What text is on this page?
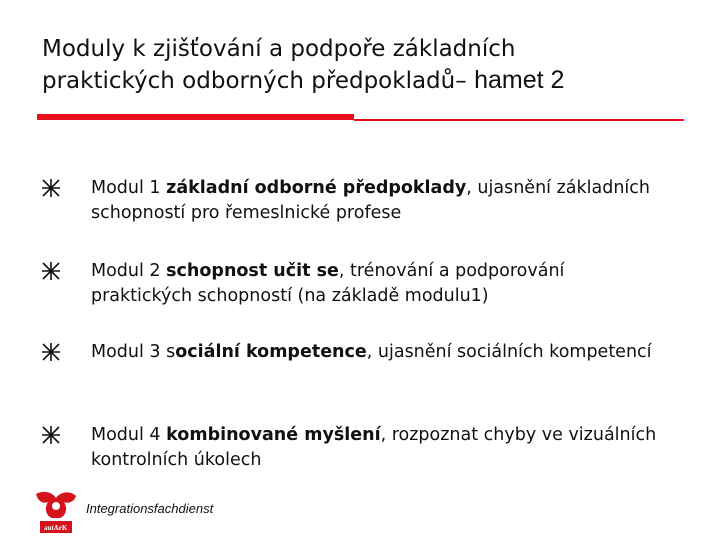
Moduly k zjišťování a podpoře základních
praktických odborných předpokladů– hamet 2
Modul 1 základní odborné předpoklady, ujasnění základních schopností pro řemeslnické profese
Modul 2 schopnost učit se, trénování a podporování praktických schopností (na základě modulu1)
Modul 3 sociální kompetence, ujasnění sociálních kompetencí
Modul 4 kombinované myšlení, rozpoznat chyby ve vizuálních kontrolních úkolech
autArK
Integrationsfachdienst
